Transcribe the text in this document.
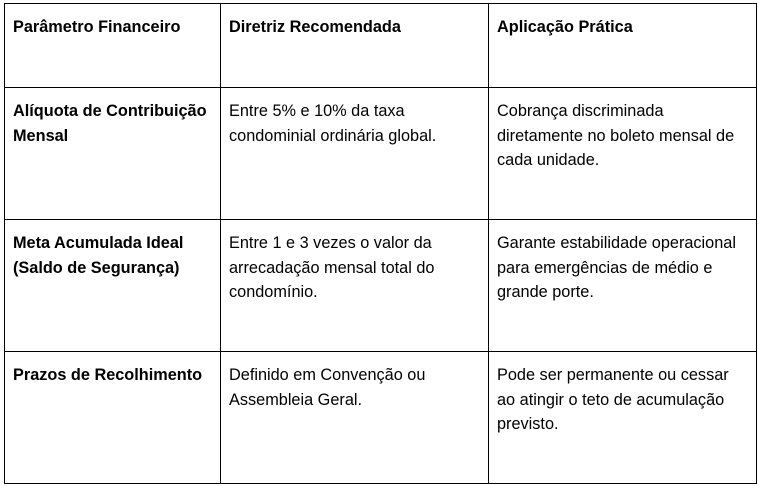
Parâmetro Financeiro	Diretriz Recomendada	Aplicação Prática
Alíquota de Contribuição Mensal	Entre 5% e 10% da taxa condominial ordinária global.	Cobrança discriminada diretamente no boleto mensal de cada unidade.
Meta Acumulada Ideal (Saldo de Segurança)	Entre 1 e 3 vezes o valor da arrecadação mensal total do condomínio.	Garante estabilidade operacional para emergências de médio e grande porte.
Prazos de Recolhimento	Definido em Convenção ou Assembleia Geral.	Pode ser permanente ou cessar ao atingir o teto de acumulação previsto.
